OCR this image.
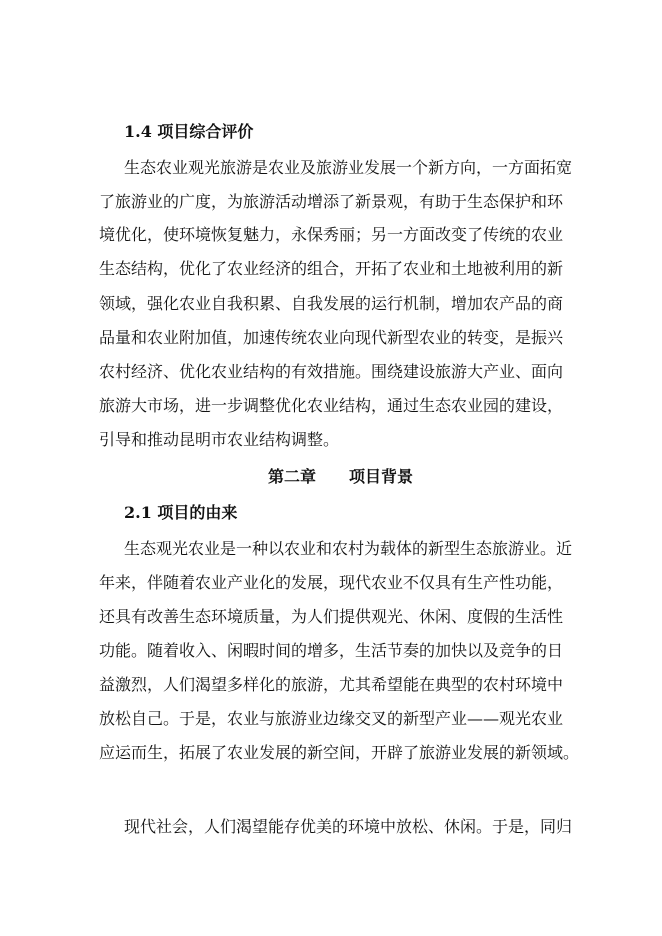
1.4 项目综合评价
生态农业观光旅游是农业及旅游业发展一个新方向，一方面拓宽
了旅游业的广度，为旅游活动增添了新景观，有助于生态保护和环
境优化，使环境恢复魅力，永保秀丽；另一方面改变了传统的农业
生态结构，优化了农业经济的组合，开拓了农业和土地被利用的新
领域，强化农业自我积累、自我发展的运行机制，增加农产品的商
品量和农业附加值，加速传统农业向现代新型农业的转变，是振兴
农村经济、优化农业结构的有效措施。围绕建设旅游大产业、面向
旅游大市场，进一步调整优化农业结构，通过生态农业园的建设，
引导和推动昆明市农业结构调整。
第二章 项目背景
2.1 项目的由来
生态观光农业是一种以农业和农村为载体的新型生态旅游业。近
年来，伴随着农业产业化的发展，现代农业不仅具有生产性功能，
还具有改善生态环境质量，为人们提供观光、休闲、度假的生活性
功能。随着收入、闲暇时间的增多，生活节奏的加快以及竞争的日
益激烈，人们渴望多样化的旅游，尤其希望能在典型的农村环境中
放松自己。于是，农业与旅游业边缘交叉的新型产业——观光农业
应运而生，拓展了农业发展的新空间，开辟了旅游业发展的新领域。
现代社会，人们渴望能存优美的环境中放松、休闲。于是，同归
